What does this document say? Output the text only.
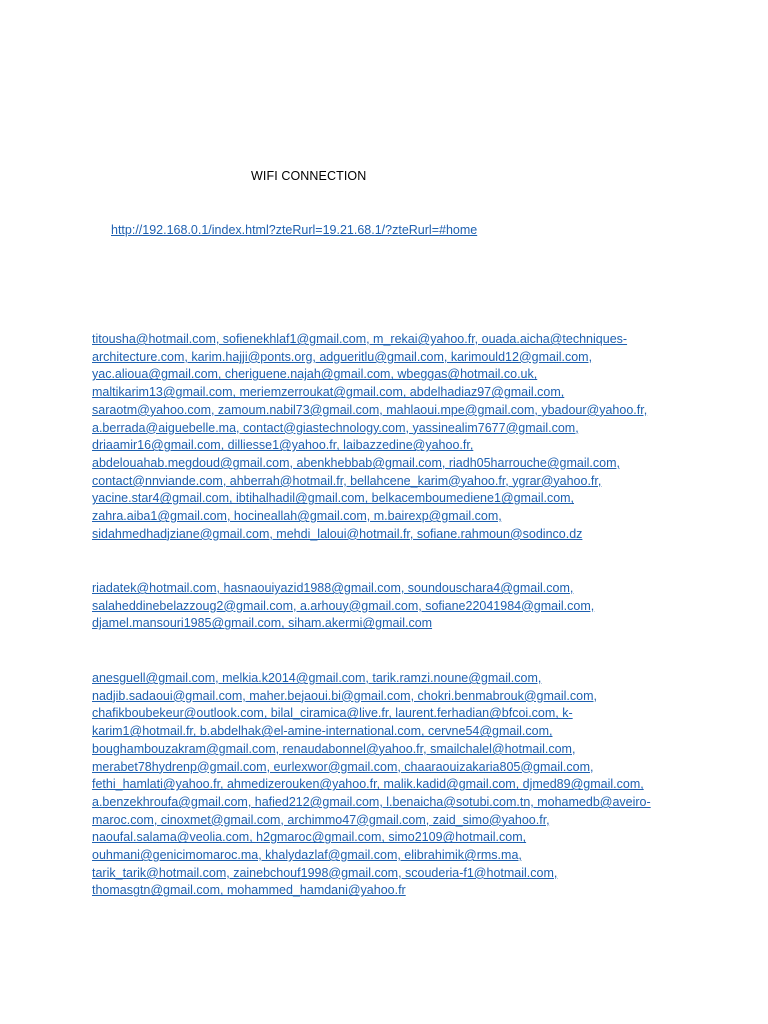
WIFI CONNECTION
http://192.168.0.1/index.html?zteRurl=19.21.68.1/?zteRurl=#home
titousha@hotmail.com, sofienekhlaf1@gmail.com, m_rekai@yahoo.fr, ouada.aicha@techniques-
architecture.com, karim.hajji@ponts.org, adgueritlu@gmail.com, karimould12@gmail.com,
yac.alioua@gmail.com, cheriguene.najah@gmail.com, wbeggas@hotmail.co.uk,
maltikarim13@gmail.com, meriemzerroukat@gmail.com, abdelhadiaz97@gmail.com,
saraotm@yahoo.com, zamoum.nabil73@gmail.com, mahlaoui.mpe@gmail.com, ybadour@yahoo.fr,
a.berrada@aiguebelle.ma, contact@giastechnology.com, yassinealim7677@gmail.com,
driaamir16@gmail.com, dilliesse1@yahoo.fr, laibazzedine@yahoo.fr,
abdelouahab.megdoud@gmail.com, abenkhebbab@gmail.com, riadh05harrouche@gmail.com,
contact@nnviande.com, ahberrah@hotmail.fr, bellahcene_karim@yahoo.fr, ygrar@yahoo.fr,
yacine.star4@gmail.com, ibtihalhadil@gmail.com, belkacemboumediene1@gmail.com,
zahra.aiba1@gmail.com, hocineallah@gmail.com, m.bairexp@gmail.com,
sidahmedhadjziane@gmail.com, mehdi_laloui@hotmail.fr, sofiane.rahmoun@sodinco.dz
riadatek@hotmail.com, hasnaouiyazid1988@gmail.com, soundouschara4@gmail.com,
salaheddinebelazzoug2@gmail.com, a.arhouy@gmail.com, sofiane22041984@gmail.com,
djamel.mansouri1985@gmail.com, siham.akermi@gmail.com
anesguell@gmail.com, melkia.k2014@gmail.com, tarik.ramzi.noune@gmail.com,
nadjib.sadaoui@gmail.com, maher.bejaoui.bi@gmail.com, chokri.benmabrouk@gmail.com,
chafikboubekeur@outlook.com, bilal_ciramica@live.fr, laurent.ferhadian@bfcoi.com, k-
karim1@hotmail.fr, b.abdelhak@el-amine-international.com, cervne54@gmail.com,
boughambouzakram@gmail.com, renaudabonnel@yahoo.fr, smailchalel@hotmail.com,
merabet78hydrenp@gmail.com, eurlexwor@gmail.com, chaaraouizakaria805@gmail.com,
fethi_hamlati@yahoo.fr, ahmedizerouken@yahoo.fr, malik.kadid@gmail.com, djmed89@gmail.com,
a.benzekhroufa@gmail.com, hafied212@gmail.com, l.benaicha@sotubi.com.tn, mohamedb@aveiro-
maroc.com, cinoxmet@gmail.com, archimmo47@gmail.com, zaid_simo@yahoo.fr,
naoufal.salama@veolia.com, h2gmaroc@gmail.com, simo2109@hotmail.com,
ouhmani@genicimomaroc.ma, khalydazlaf@gmail.com, elibrahimik@rms.ma,
tarik_tarik@hotmail.com, zainebchouf1998@gmail.com, scouderia-f1@hotmail.com,
thomasgtn@gmail.com, mohammed_hamdani@yahoo.fr
